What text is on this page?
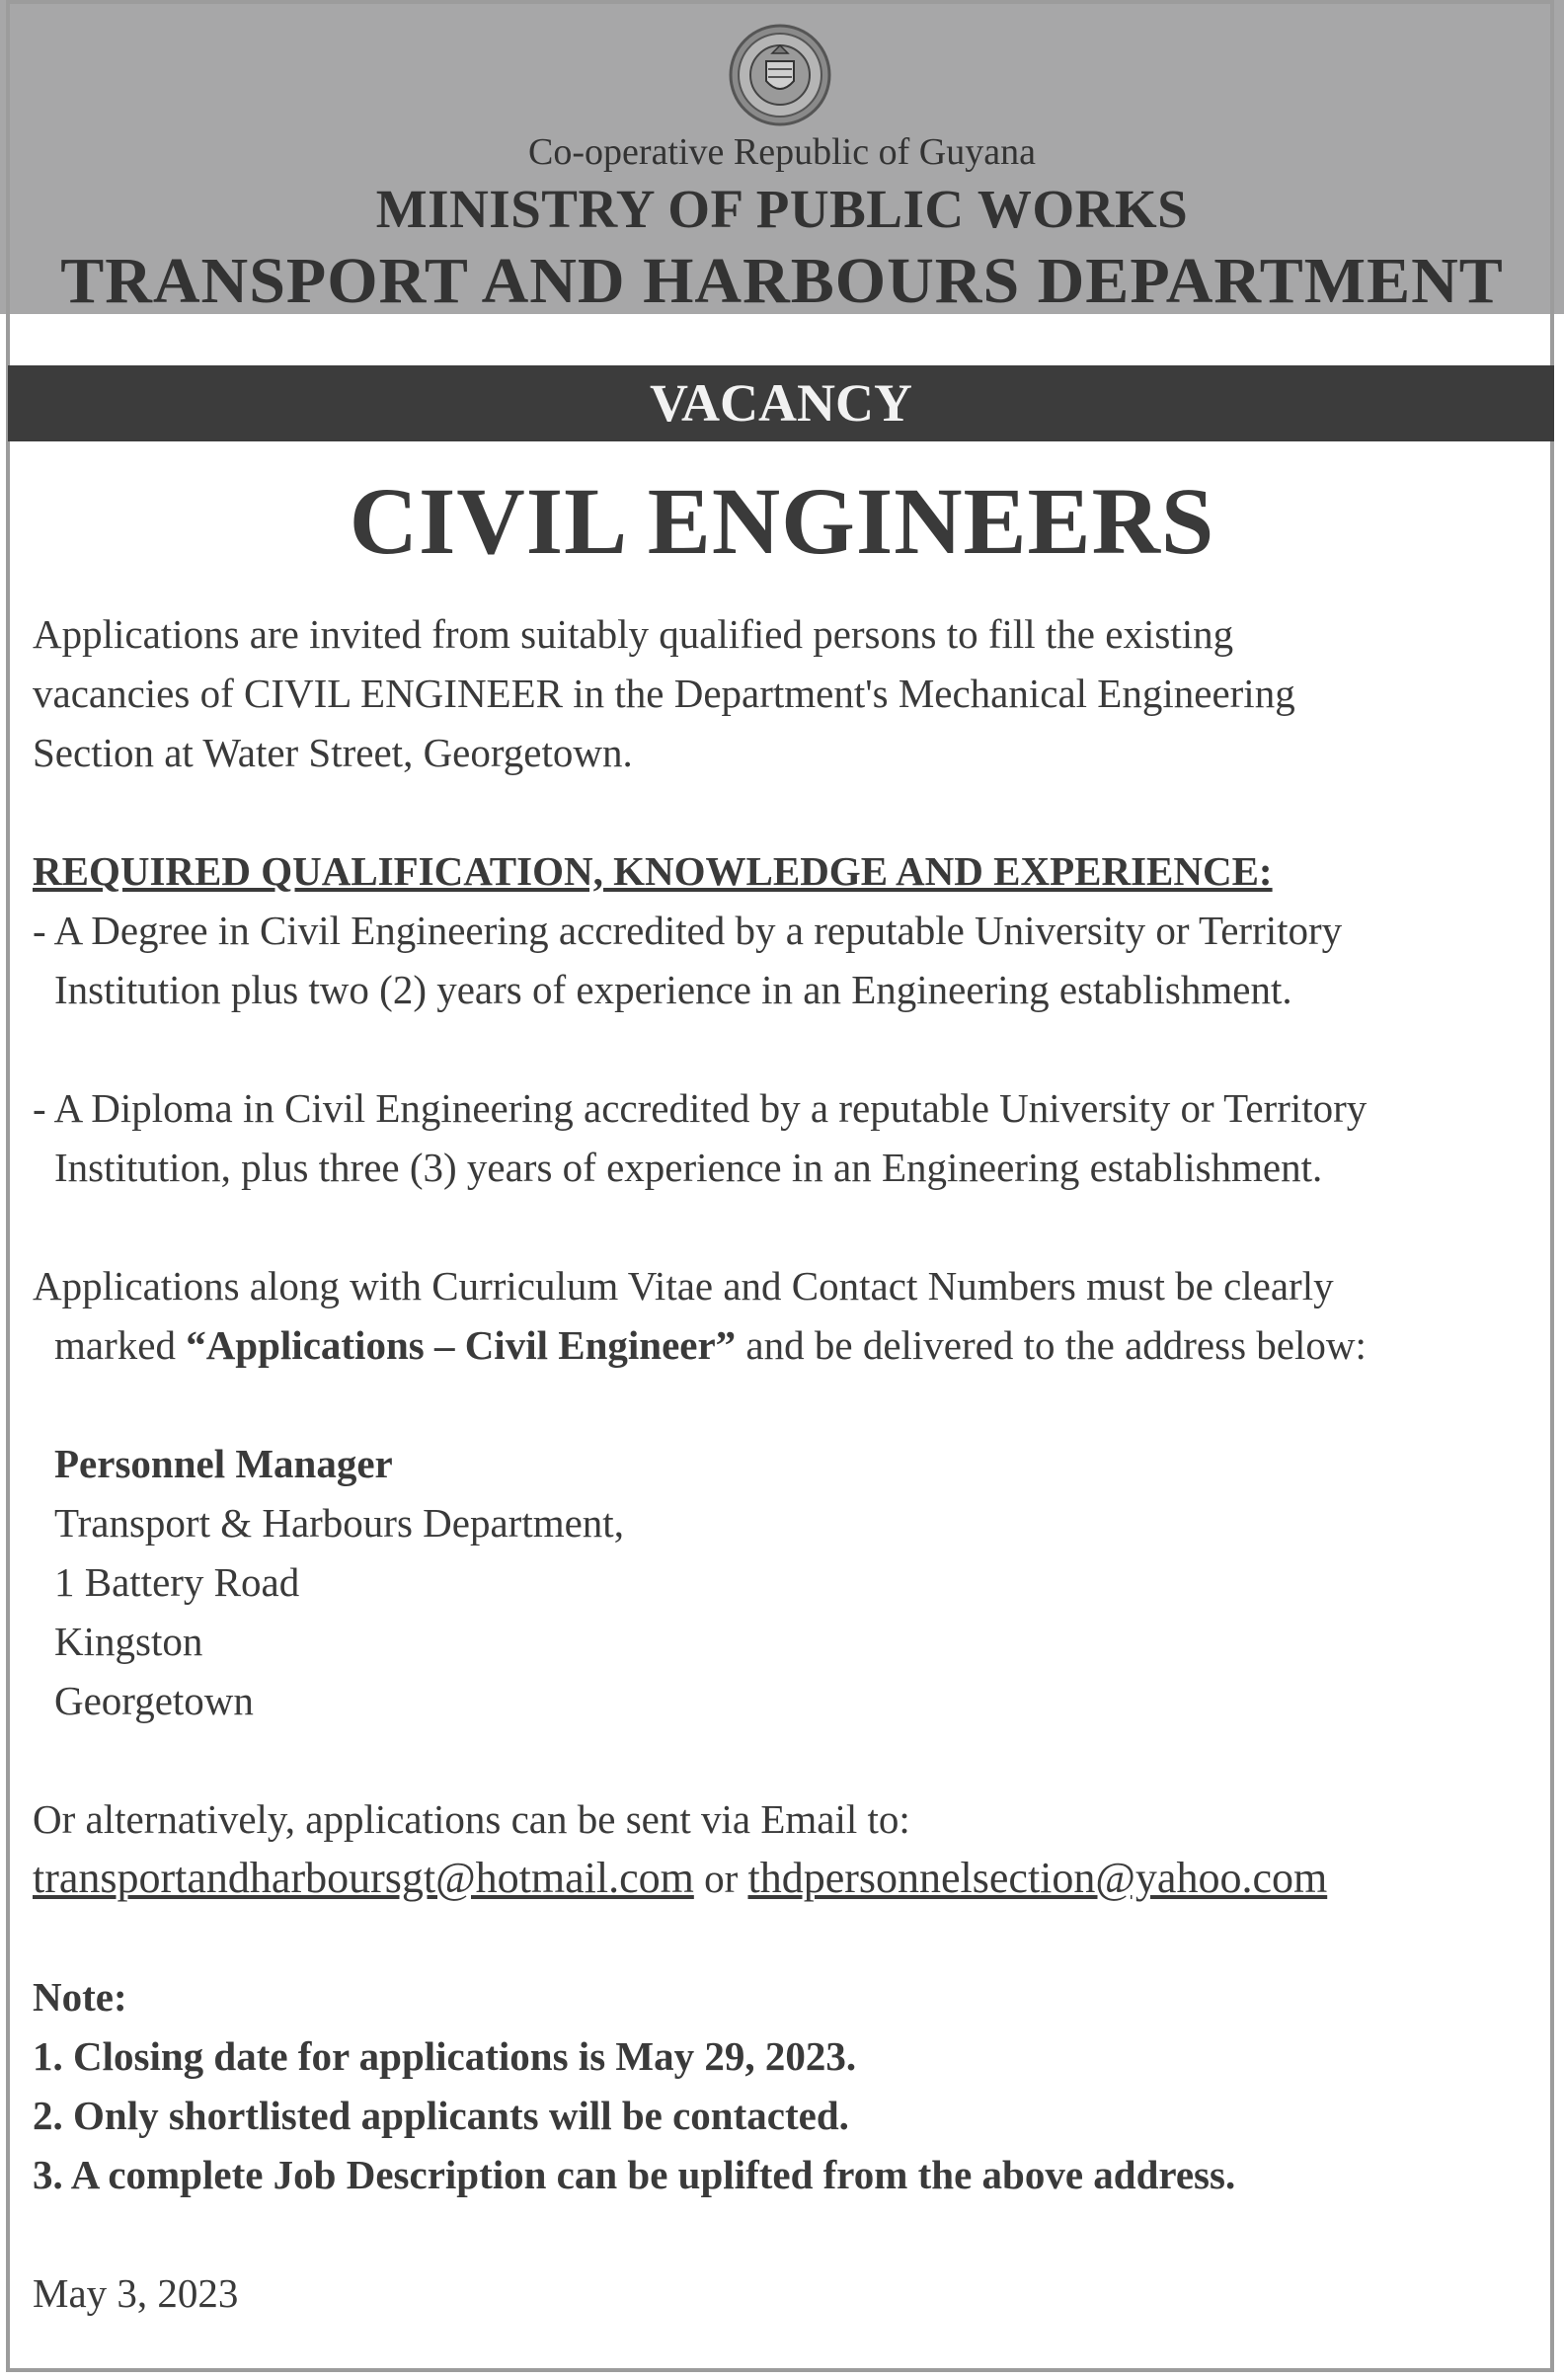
Co-operative Republic of Guyana
MINISTRY OF PUBLIC WORKS
TRANSPORT AND HARBOURS DEPARTMENT
VACANCY
CIVIL ENGINEERS

Applications are invited from suitably qualified persons to fill the existing

vacancies of CIVIL ENGINEER in the Department's Mechanical Engineering

Section at Water Street, Georgetown.

REQUIRED QUALIFICATION, KNOWLEDGE AND EXPERIENCE:

- A Degree in Civil Engineering accredited by a reputable University or Territory

Institution plus two (2) years of experience in an Engineering establishment.

- A Diploma in Civil Engineering accredited by a reputable University or Territory

Institution, plus three (3) years of experience in an Engineering establishment.

Applications along with Curriculum Vitae and Contact Numbers must be clearly

marked “Applications – Civil Engineer” and be delivered to the address below:

Personnel Manager

Transport & Harbours Department,

1 Battery Road

Kingston

Georgetown

Or alternatively, applications can be sent via Email to:

transportandharboursgt@hotmail.com or thdpersonnelsection@yahoo.com

Note:

1. Closing date for applications is May 29, 2023.

2. Only shortlisted applicants will be contacted.

3. A complete Job Description can be uplifted from the above address.

May 3, 2023
